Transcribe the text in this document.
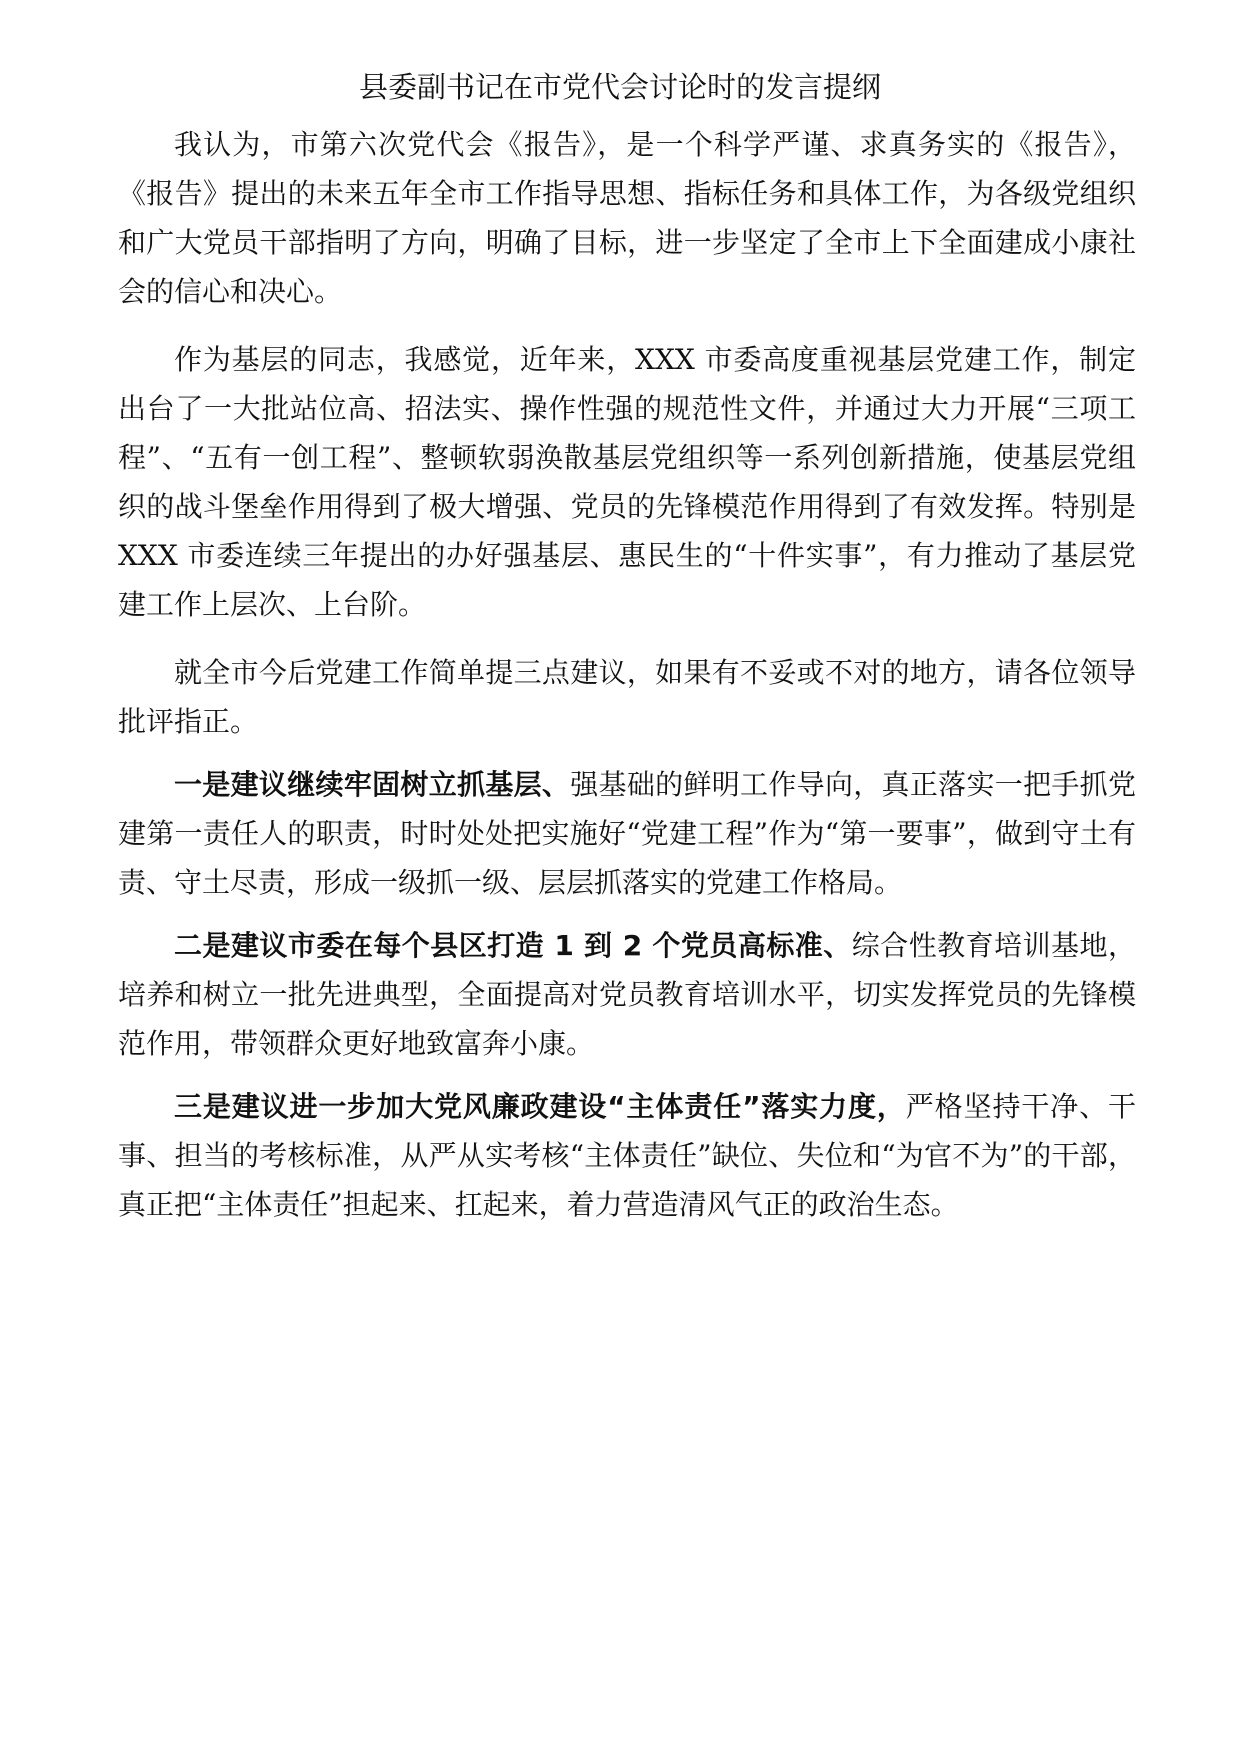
县委副书记在市党代会讨论时的发言提纲

我认为，市第六次党代会《报告》，是一个科学严谨、求真务实的《报告》，《报告》提出的未来五年全市工作指导思想、指标任务和具体工作，为各级党组织和广大党员干部指明了方向，明确了目标，进一步坚定了全市上下全面建成小康社会的信心和决心。

作为基层的同志，我感觉，近年来，XXX 市委高度重视基层党建工作，制定出台了一大批站位高、招法实、操作性强的规范性文件，并通过大力开展“三项工程”、“五有一创工程”、整顿软弱涣散基层党组织等一系列创新措施，使基层党组织的战斗堡垒作用得到了极大增强、党员的先锋模范作用得到了有效发挥。特别是 XXX 市委连续三年提出的办好强基层、惠民生的“十件实事”，有力推动了基层党建工作上层次、上台阶。

就全市今后党建工作简单提三点建议，如果有不妥或不对的地方，请各位领导批评指正。

一是建议继续牢固树立抓基层、强基础的鲜明工作导向，真正落实一把手抓党建第一责任人的职责，时时处处把实施好“党建工程”作为“第一要事”，做到守土有责、守土尽责，形成一级抓一级、层层抓落实的党建工作格局。

二是建议市委在每个县区打造 1 到 2 个党员高标准、综合性教育培训基地，培养和树立一批先进典型，全面提高对党员教育培训水平，切实发挥党员的先锋模范作用，带领群众更好地致富奔小康。

三是建议进一步加大党风廉政建设“主体责任”落实力度，严格坚持干净、干事、担当的考核标准，从严从实考核“主体责任”缺位、失位和“为官不为”的干部，真正把“主体责任”担起来、扛起来，着力营造清风气正的政治生态。
